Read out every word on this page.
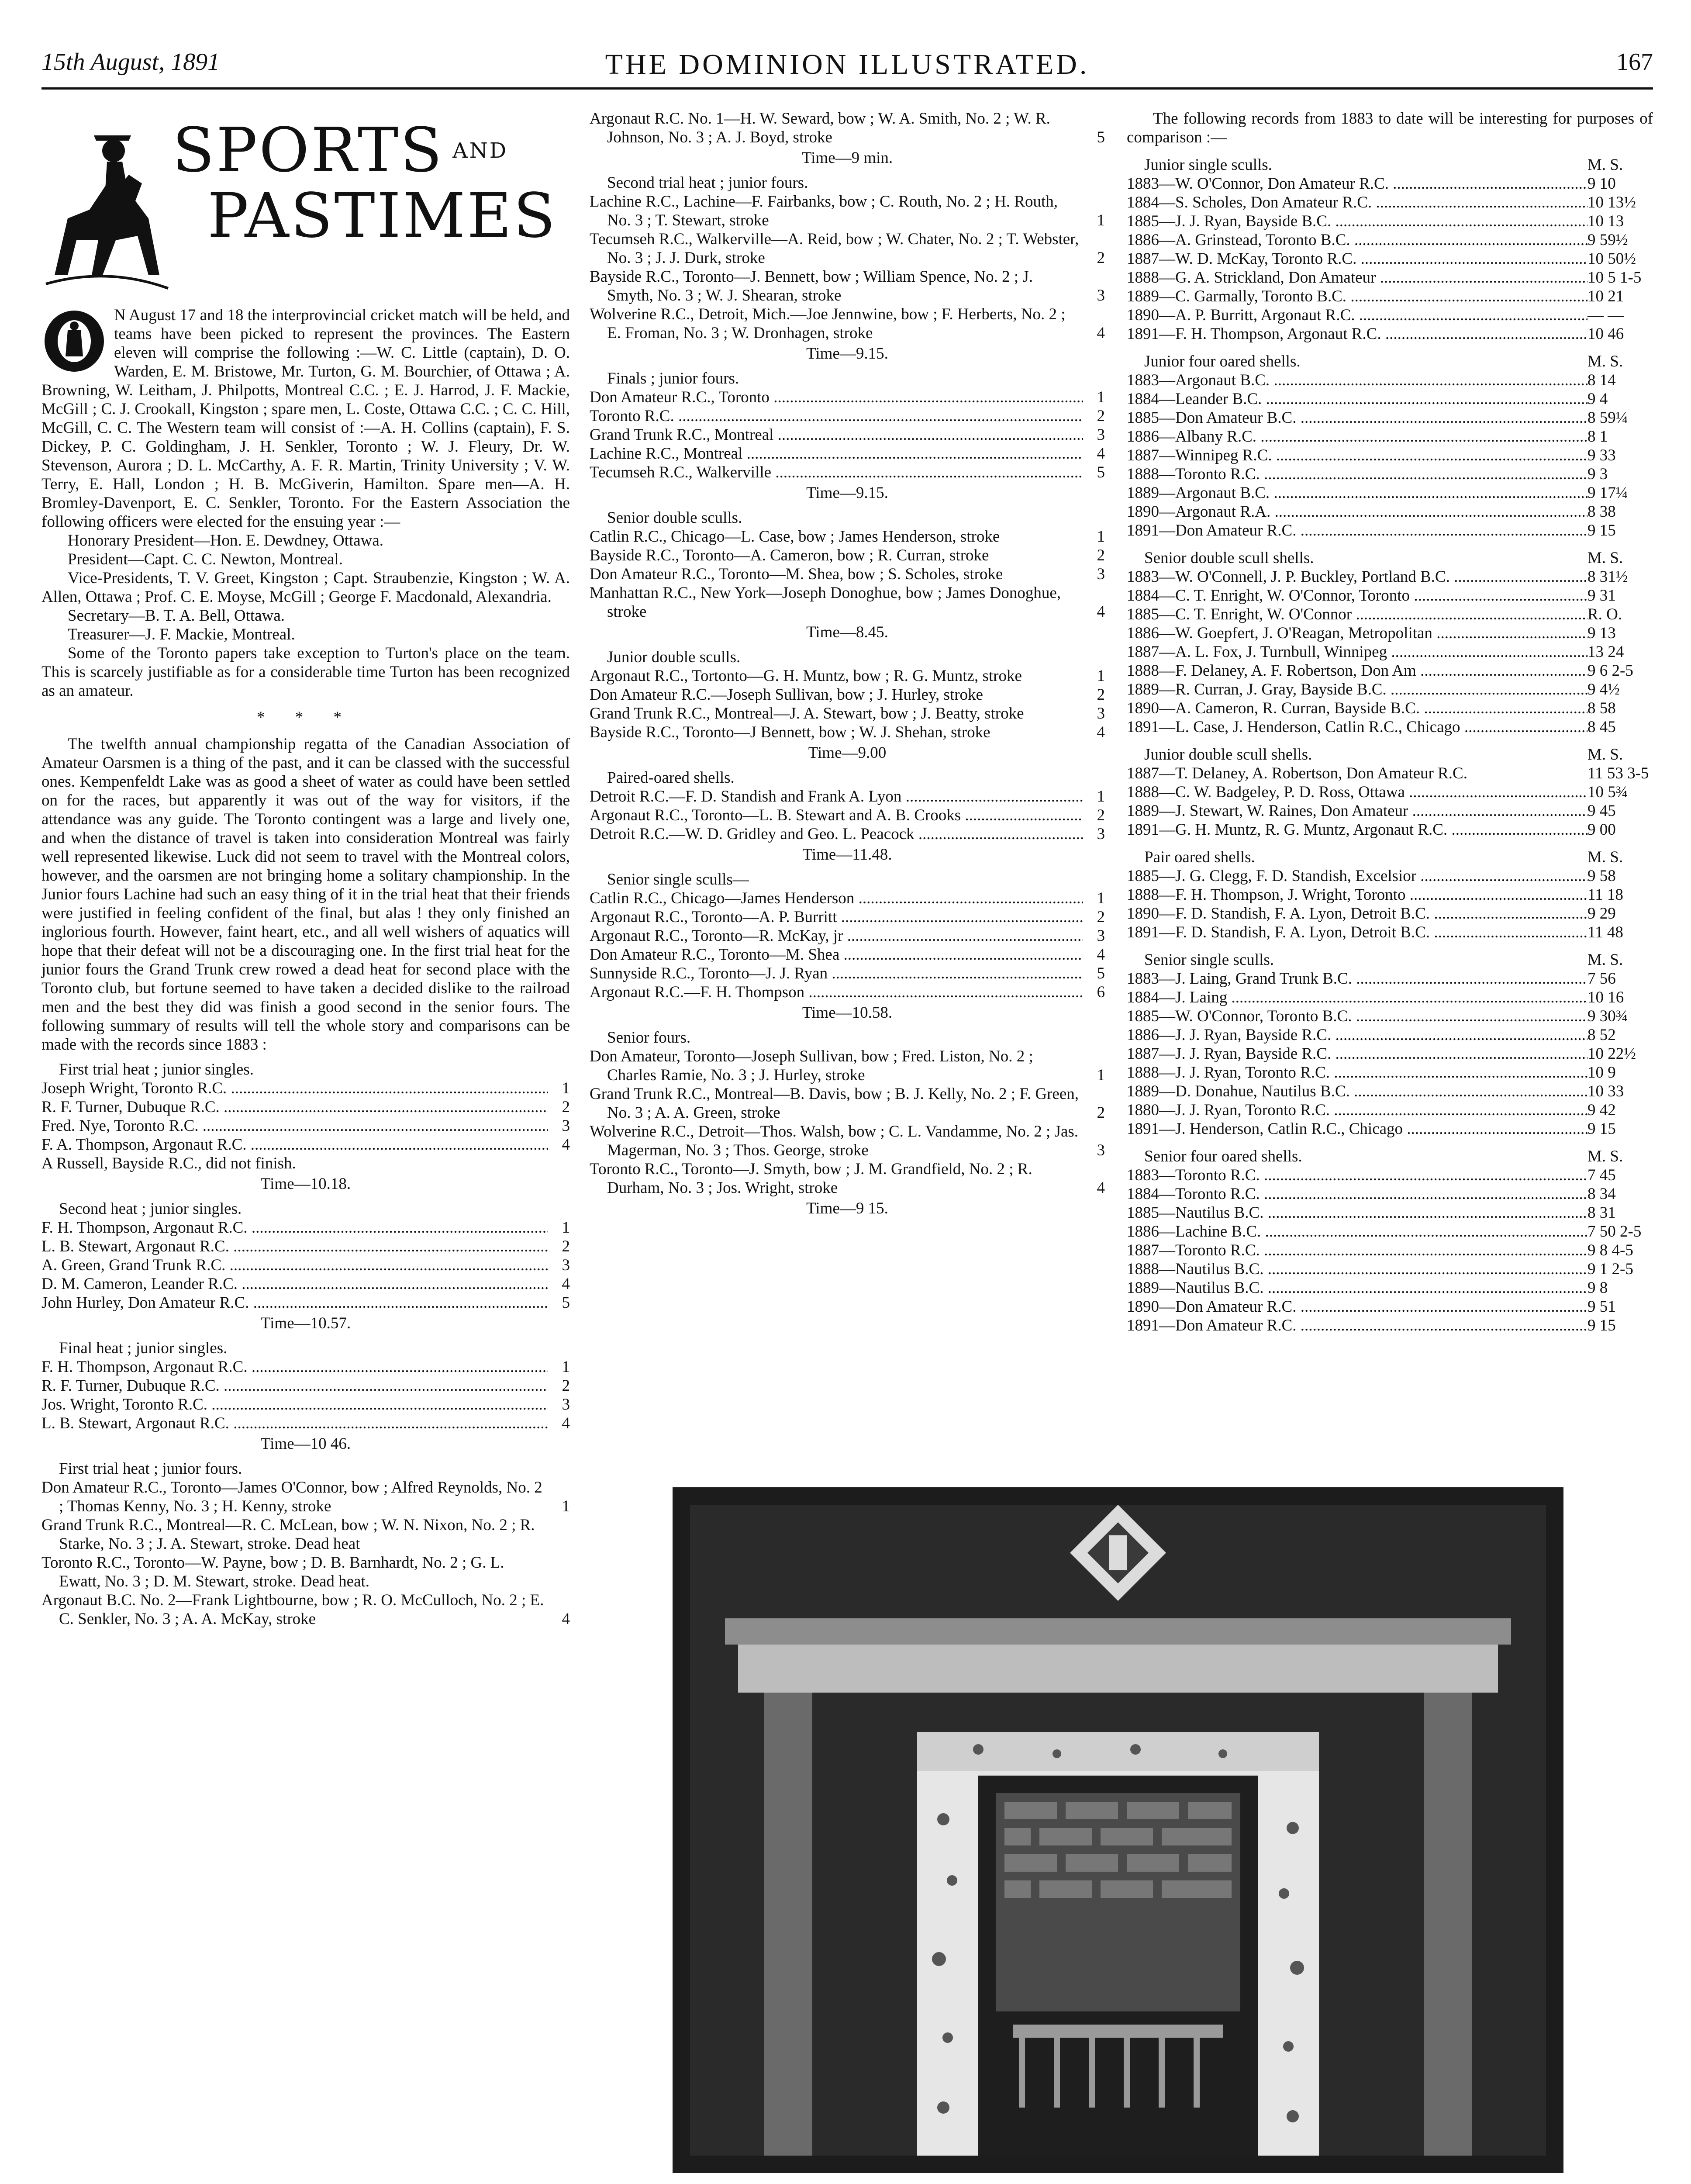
THE DOMINION ILLUSTRATED.
15th August, 1891	167
SPORTS $^{AND}$
PASTIMES

N August 17 and 18 the interprovincial cricket match will be held, and teams have been picked to represent the provinces. The Eastern eleven will comprise the following :—W. C. Little (captain), D. O. Warden, E. M. Bristowe, Mr. Turton, G. M. Bourchier, of Ottawa ; A. Browning, W. Leitham, J. Philpotts, Montreal C.C. ; E. J. Harrod, J. F. Mackie, McGill ; C. J. Crookall, Kingston ; spare men, L. Coste, Ottawa C.C. ; C. C. Hill, McGill, C. C. The Western team will consist of :—A. H. Collins (captain), F. S. Dickey, P. C. Goldingham, J. H. Senkler, Toronto ; W. J. Fleury, Dr. W. Stevenson, Aurora ; D. L. McCarthy, A. F. R. Martin, Trinity University ; V. W. Terry, E. Hall, London ; H. B. McGiverin, Hamilton. Spare men—A. H. Bromley-Davenport, E. C. Senkler, Toronto. For the Eastern Association the following officers were elected for the ensuing year :—

Honorary President—Hon. E. Dewdney, Ottawa.

President—Capt. C. C. Newton, Montreal.

Vice-Presidents, T. V. Greet, Kingston ; Capt. Straubenzie, Kingston ; W. A. Allen, Ottawa ; Prof. C. E. Moyse, McGill ; George F. Macdonald, Alexandria.

Secretary—B. T. A. Bell, Ottawa.

Treasurer—J. F. Mackie, Montreal.

Some of the Toronto papers take exception to Turton's place on the team. This is scarcely justifiable as for a considerable time Turton has been recognized as an amateur.

* * *

The twelfth annual championship regatta of the Canadian Association of Amateur Oarsmen is a thing of the past, and it can be classed with the successful ones. Kempenfeldt Lake was as good a sheet of water as could have been settled on for the races, but apparently it was out of the way for visitors, if the attendance was any guide. The Toronto contingent was a large and lively one, and when the distance of travel is taken into consideration Montreal was fairly well represented likewise. Luck did not seem to travel with the Montreal colors, however, and the oarsmen are not bringing home a solitary championship. In the Junior fours Lachine had such an easy thing of it in the trial heat that their friends were justified in feeling confident of the final, but alas ! they only finished an inglorious fourth. However, faint heart, etc., and all well wishers of aquatics will hope that their defeat will not be a discouraging one. In the first trial heat for the junior fours the Grand Trunk crew rowed a dead heat for second place with the Toronto club, but fortune seemed to have taken a decided dislike to the railroad men and the best they did was finish a good second in the senior fours. The following summary of results will tell the whole story and comparisons can be made with the records since 1883 :

First trial heat ; junior singles.
Joseph Wright, Toronto R.C. .....	1
R. F. Turner, Dubuque R.C. .....	2
Fred. Nye, Toronto R.C. .....	3
F. A. Thompson, Argonaut R.C. .....	4
A Russell, Bayside R.C., did not finish.
Time—10.18.
Second heat ; junior singles.
F. H. Thompson, Argonaut R.C. .....	1
L. B. Stewart, Argonaut R.C. .....	2
A. Green, Grand Trunk R.C. .....	3
D. M. Cameron, Leander R.C. .....	4
John Hurley, Don Amateur R.C. .....	5
Time—10.57.
Final heat ; junior singles.
F. H. Thompson, Argonaut R.C. .....	1
R. F. Turner, Dubuque R.C. .....	2
Jos. Wright, Toronto R.C. .....	3
L. B. Stewart, Argonaut R.C. .....	4
Time—10 46.
First trial heat ; junior fours.
Don Amateur R.C., Toronto—James O'Connor, bow ; Alfred Reynolds, No. 2 ; Thomas Kenny, No. 3 ; H. Kenny, stroke	1
Grand Trunk R.C., Montreal—R. C. McLean, bow ; W. N. Nixon, No. 2 ; R. Starke, No. 3 ; J. A. Stewart, stroke. Dead heat
Toronto R.C., Toronto—W. Payne, bow ; D. B. Barnhardt, No. 2 ; G. L. Ewatt, No. 3 ; D. M. Stewart, stroke. Dead heat.
Argonaut B.C. No. 2—Frank Lightbourne, bow ; R. O. McCulloch, No. 2 ; E. C. Senkler, No. 3 ; A. A. McKay, stroke	4
Argonaut R.C. No. 1—H. W. Seward, bow ; W. A. Smith, No. 2 ; W. R. Johnson, No. 3 ; A. J. Boyd, stroke	5
Time—9 min.
Second trial heat ; junior fours.
Lachine R.C., Lachine—F. Fairbanks, bow ; C. Routh, No. 2 ; H. Routh, No. 3 ; T. Stewart, stroke	1
Tecumseh R.C., Walkerville—A. Reid, bow ; W. Chater, No. 2 ; T. Webster, No. 3 ; J. J. Durk, stroke	2
Bayside R.C., Toronto—J. Bennett, bow ; William Spence, No. 2 ; J. Smyth, No. 3 ; W. J. Shearan, stroke	3
Wolverine R.C., Detroit, Mich.—Joe Jennwine, bow ; F. Herberts, No. 2 ; E. Froman, No. 3 ; W. Dronhagen, stroke	4
Time—9.15.
Finals ; junior fours.
Don Amateur R.C., Toronto .....	1
Toronto R.C. .....	2
Grand Trunk R.C., Montreal .....	3
Lachine R.C., Montreal .....	4
Tecumseh R.C., Walkerville .....	5
Time—9.15.
Senior double sculls.
Catlin R.C., Chicago—L. Case, bow ; James Henderson, stroke	1
Bayside R.C., Toronto—A. Cameron, bow ; R. Curran, stroke	2
Don Amateur R.C., Toronto—M. Shea, bow ; S. Scholes, stroke	3
Manhattan R.C., New York—Joseph Donoghue, bow ; James Donoghue, stroke	4
Time—8.45.
Junior double sculls.
Argonaut R.C., Tortonto—G. H. Muntz, bow ; R. G. Muntz, stroke	1
Don Amateur R.C.—Joseph Sullivan, bow ; J. Hurley, stroke	2
Grand Trunk R.C., Montreal—J. A. Stewart, bow ; J. Beatty, stroke	3
Bayside R.C., Toronto—J Bennett, bow ; W. J. Shehan, stroke	4
Time—9.00
Paired-oared shells.
Detroit R.C.—F. D. Standish and Frank A. Lyon .....	1
Argonaut R.C., Toronto—L. B. Stewart and A. B. Crooks .....	2
Detroit R.C.—W. D. Gridley and Geo. L. Peacock .....	3
Time—11.48.
Senior single sculls—
Catlin R.C., Chicago—James Henderson .....	1
Argonaut R.C., Toronto—A. P. Burritt .....	2
Argonaut R.C., Toronto—R. McKay, jr .....	3
Don Amateur R.C., Toronto—M. Shea .....	4
Sunnyside R.C., Toronto—J. J. Ryan .....	5
Argonaut R.C.—F. H. Thompson .....	6
Time—10.58.
Senior fours.
Don Amateur, Toronto—Joseph Sullivan, bow ; Fred. Liston, No. 2 ; Charles Ramie, No. 3 ; J. Hurley, stroke	1
Grand Trunk R.C., Montreal—B. Davis, bow ; B. J. Kelly, No. 2 ; F. Green, No. 3 ; A. A. Green, stroke	2
Wolverine R.C., Detroit—Thos. Walsh, bow ; C. L. Vandamme, No. 2 ; Jas. Magerman, No. 3 ; Thos. George, stroke	3
Toronto R.C., Toronto—J. Smyth, bow ; J. M. Grandfield, No. 2 ; R. Durham, No. 3 ; Jos. Wright, stroke	4
Time—9 15.

The following records from 1883 to date will be interesting for purposes of comparison :—

Junior single sculls.	M. S.
1883—W. O'Connor, Don Amateur R.C. .....	9 10
1884—S. Scholes, Don Amateur R.C. .....	10 13½
1885—J. J. Ryan, Bayside B.C. .....	10 13
1886—A. Grinstead, Toronto B.C. .....	9 59½
1887—W. D. McKay, Toronto R.C. .....	10 50½
1888—G. A. Strickland, Don Amateur .....	10 5 1-5
1889—C. Garmally, Toronto B.C. .....	10 21
1890—A. P. Burritt, Argonaut R.C. .....	— —
1891—F. H. Thompson, Argonaut R.C. .....	10 46
Junior four oared shells.	M. S.
1883—Argonaut B.C. .....	8 14
1884—Leander B.C. .....	9 4
1885—Don Amateur B.C. .....	8 59¼
1886—Albany R.C. .....	8 1
1887—Winnipeg R.C. .....	9 33
1888—Toronto R.C. .....	9 3
1889—Argonaut B.C. .....	9 17¼
1890—Argonaut R.A. .....	8 38
1891—Don Amateur R.C. .....	9 15
Senior double scull shells.	M. S.
1883—W. O'Connell, J. P. Buckley, Portland B.C. .....	8 31½
1884—C. T. Enright, W. O'Connor, Toronto .....	9 31
1885—C. T. Enright, W. O'Connor .....	R. O.
1886—W. Goepfert, J. O'Reagan, Metropolitan .....	9 13
1887—A. L. Fox, J. Turnbull, Winnipeg .....	13 24
1888—F. Delaney, A. F. Robertson, Don Am .....	9 6 2-5
1889—R. Curran, J. Gray, Bayside B.C. .....	9 4½
1890—A. Cameron, R. Curran, Bayside B.C. .....	8 58
1891—L. Case, J. Henderson, Catlin R.C., Chicago .....	8 45
Junior double scull shells.	M. S.
1887—T. Delaney, A. Robertson, Don Amateur R.C.	11 53 3-5
1888—C. W. Badgeley, P. D. Ross, Ottawa .....	10 5¾
1889—J. Stewart, W. Raines, Don Amateur .....	9 45
1891—G. H. Muntz, R. G. Muntz, Argonaut R.C. .....	9 00
Pair oared shells.	M. S.
1885—J. G. Clegg, F. D. Standish, Excelsior .....	9 58
1888—F. H. Thompson, J. Wright, Toronto .....	11 18
1890—F. D. Standish, F. A. Lyon, Detroit B.C. .....	9 29
1891—F. D. Standish, F. A. Lyon, Detroit B.C. .....	11 48
Senior single sculls.	M. S.
1883—J. Laing, Grand Trunk B.C. .....	7 56
1884—J. Laing .....	10 16
1885—W. O'Connor, Toronto B.C. .....	9 30¾
1886—J. J. Ryan, Bayside R.C. .....	8 52
1887—J. J. Ryan, Bayside R.C. .....	10 22½
1888—J. J. Ryan, Toronto R.C. .....	10 9
1889—D. Donahue, Nautilus B.C. .....	10 33
1880—J. J. Ryan, Toronto R.C. .....	9 42
1891—J. Henderson, Catlin R.C., Chicago .....	9 15
Senior four oared shells.	M. S.
1883—Toronto R.C. .....	7 45
1884—Toronto R.C. .....	8 34
1885—Nautilus B.C. .....	8 31
1886—Lachine B.C. .....	7 50 2-5
1887—Toronto R.C. .....	9 8 4-5
1888—Nautilus B.C. .....	9 1 2-5
1889—Nautilus B.C. .....	9 8
1890—Don Amateur R.C. .....	9 51
1891—Don Amateur R.C. .....	9 15
